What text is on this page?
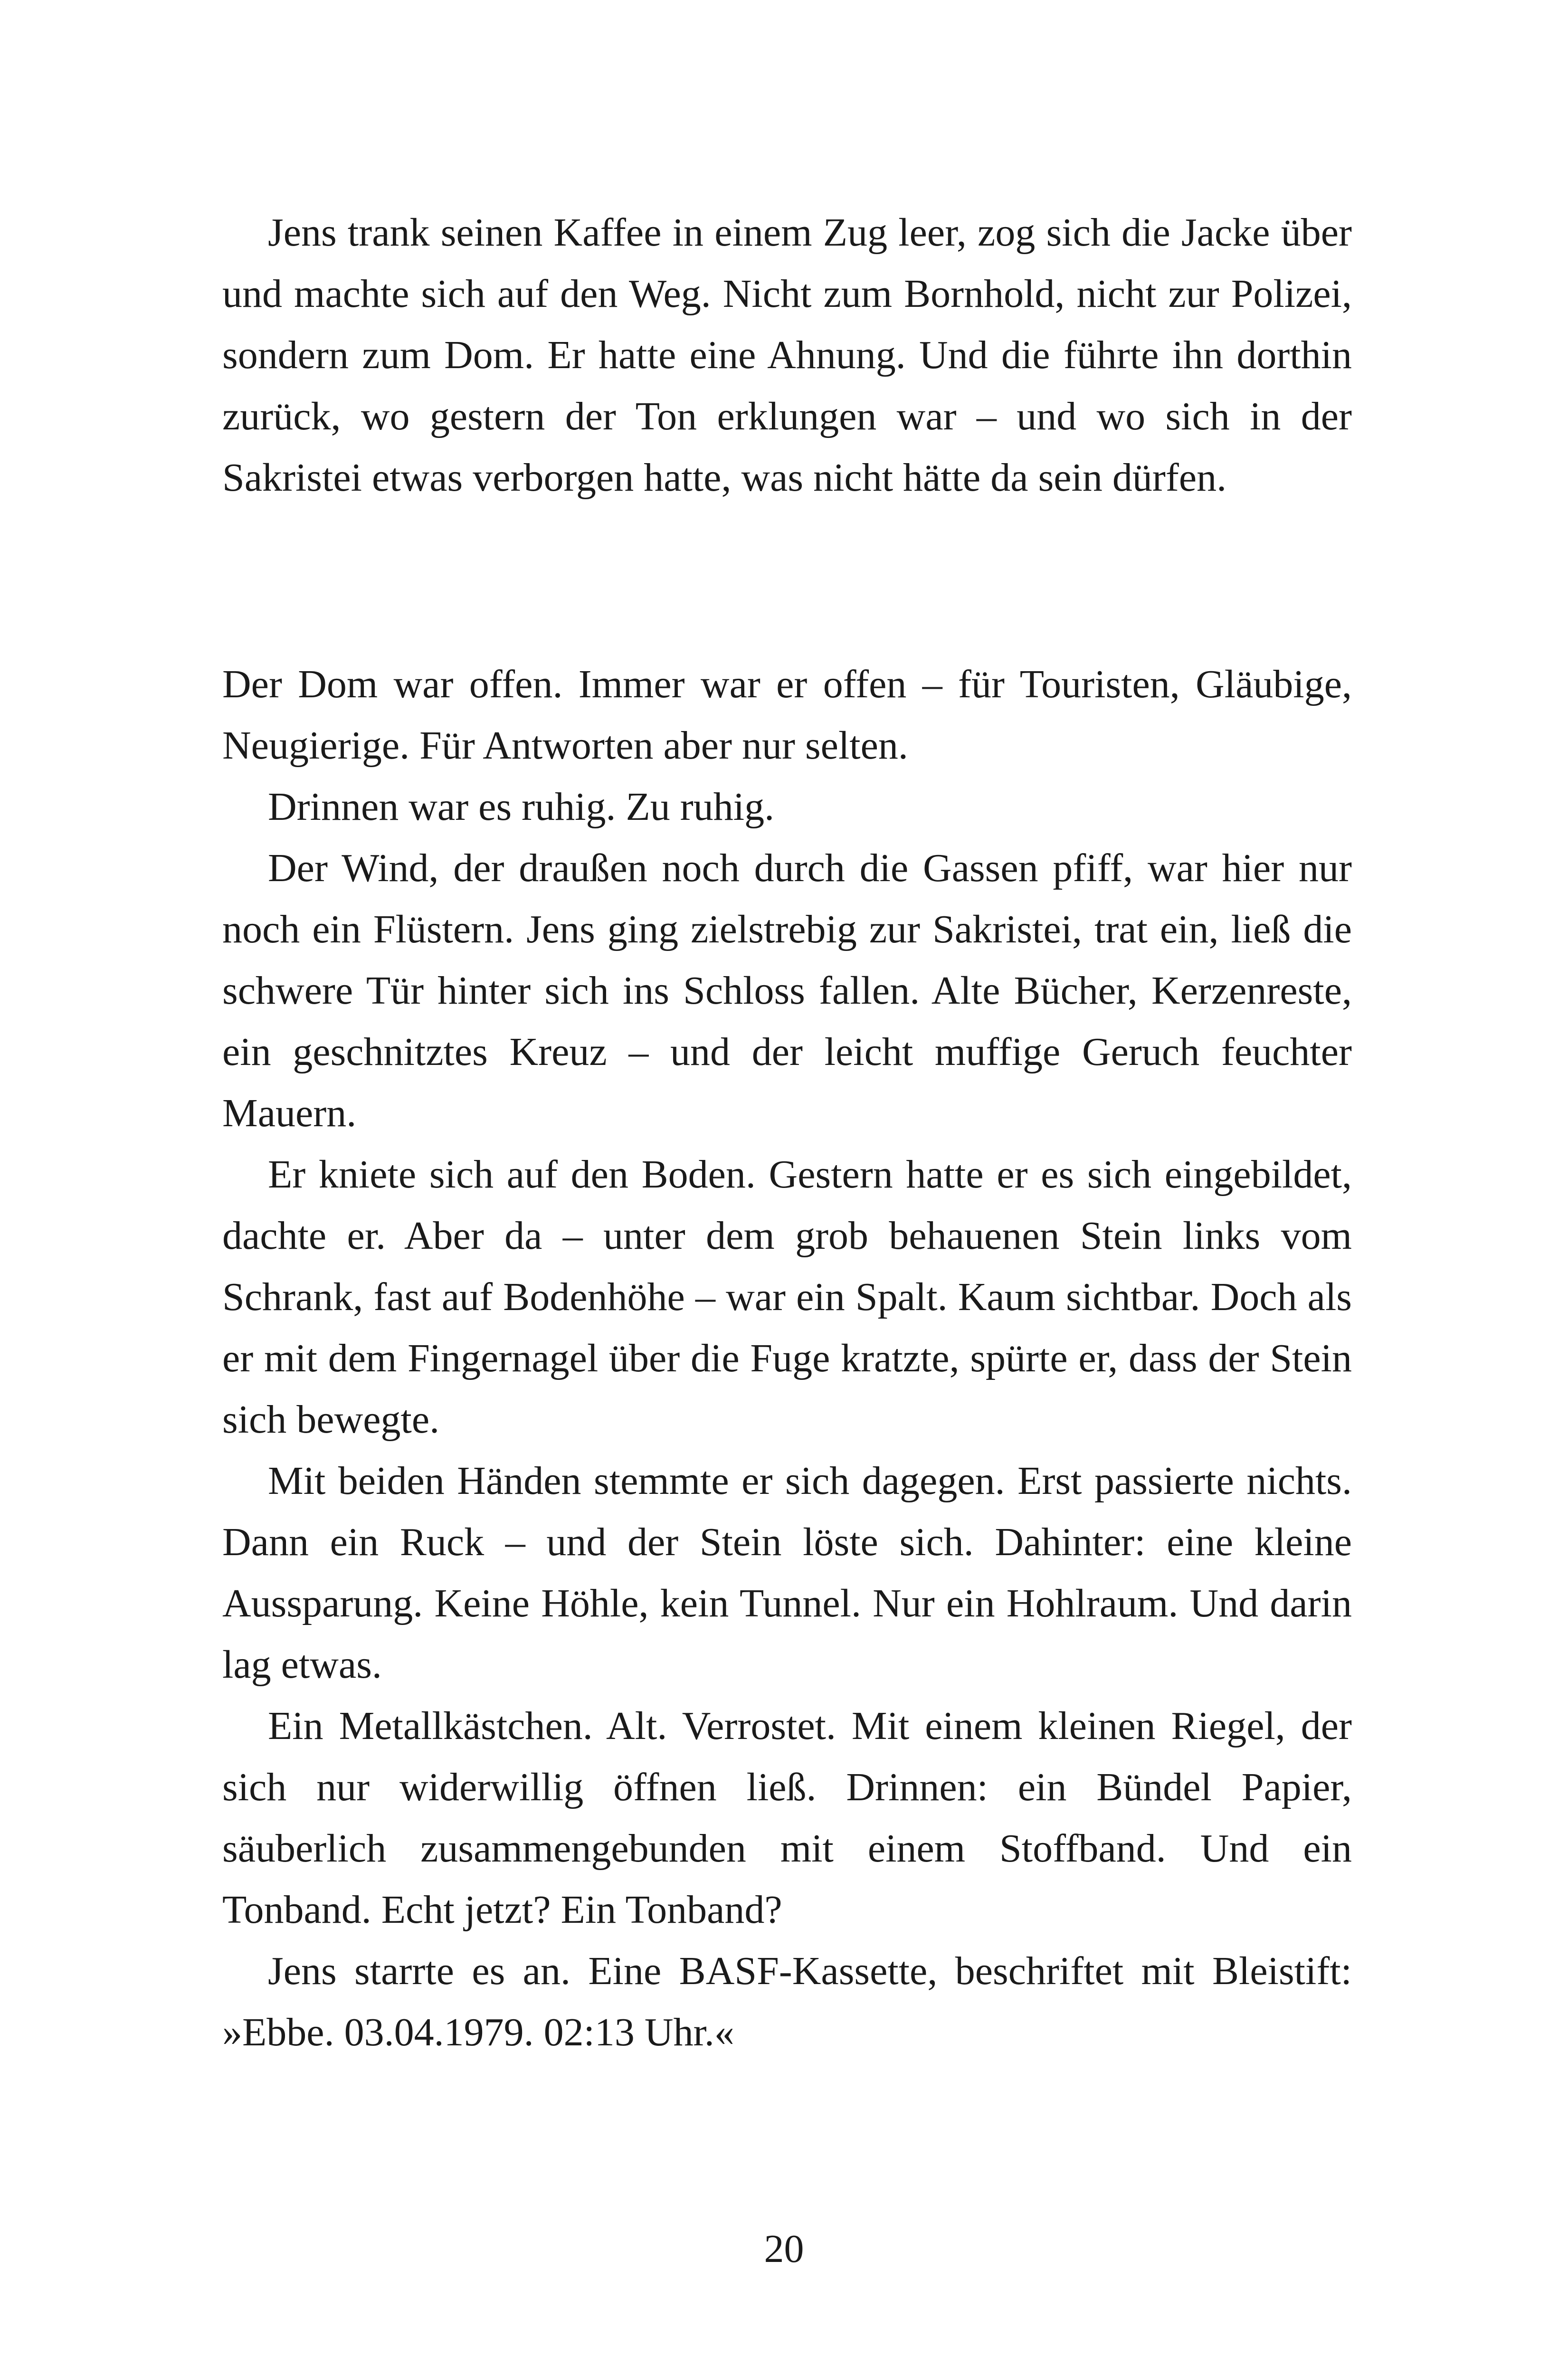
Jens trank seinen Kaffee in einem Zug leer, zog sich die Jacke über und machte sich auf den Weg. Nicht zum Bornhold, nicht zur Polizei, sondern zum Dom. Er hatte eine Ahnung. Und die führte ihn dorthin zurück, wo gestern der Ton erklungen war – und wo sich in der Sakristei etwas verborgen hatte, was nicht hätte da sein dürfen.

Der Dom war offen. Immer war er offen – für Touristen, Gläubige, Neugierige. Für Antworten aber nur selten.

Drinnen war es ruhig. Zu ruhig.

Der Wind, der draußen noch durch die Gassen pfiff, war hier nur noch ein Flüstern. Jens ging zielstrebig zur Sakristei, trat ein, ließ die schwere Tür hinter sich ins Schloss fallen. Alte Bücher, Kerzenreste, ein geschnitztes Kreuz – und der leicht muffige Geruch feuchter Mauern.

Er kniete sich auf den Boden. Gestern hatte er es sich eingebildet, dachte er. Aber da – unter dem grob behauenen Stein links vom Schrank, fast auf Bodenhöhe – war ein Spalt. Kaum sichtbar. Doch als er mit dem Fingernagel über die Fuge kratzte, spürte er, dass der Stein sich bewegte.

Mit beiden Händen stemmte er sich dagegen. Erst passierte nichts. Dann ein Ruck – und der Stein löste sich. Dahinter: eine kleine Aussparung. Keine Höhle, kein Tunnel. Nur ein Hohlraum. Und darin lag etwas.

Ein Metallkästchen. Alt. Verrostet. Mit einem kleinen Riegel, der sich nur widerwillig öffnen ließ. Drinnen: ein Bündel Papier, säuberlich zusammengebunden mit einem Stoffband. Und ein Tonband. Echt jetzt? Ein Tonband?

Jens starrte es an. Eine BASF-Kassette, beschriftet mit Bleistift: »Ebbe. 03.04.1979. 02:13 Uhr.«

20
